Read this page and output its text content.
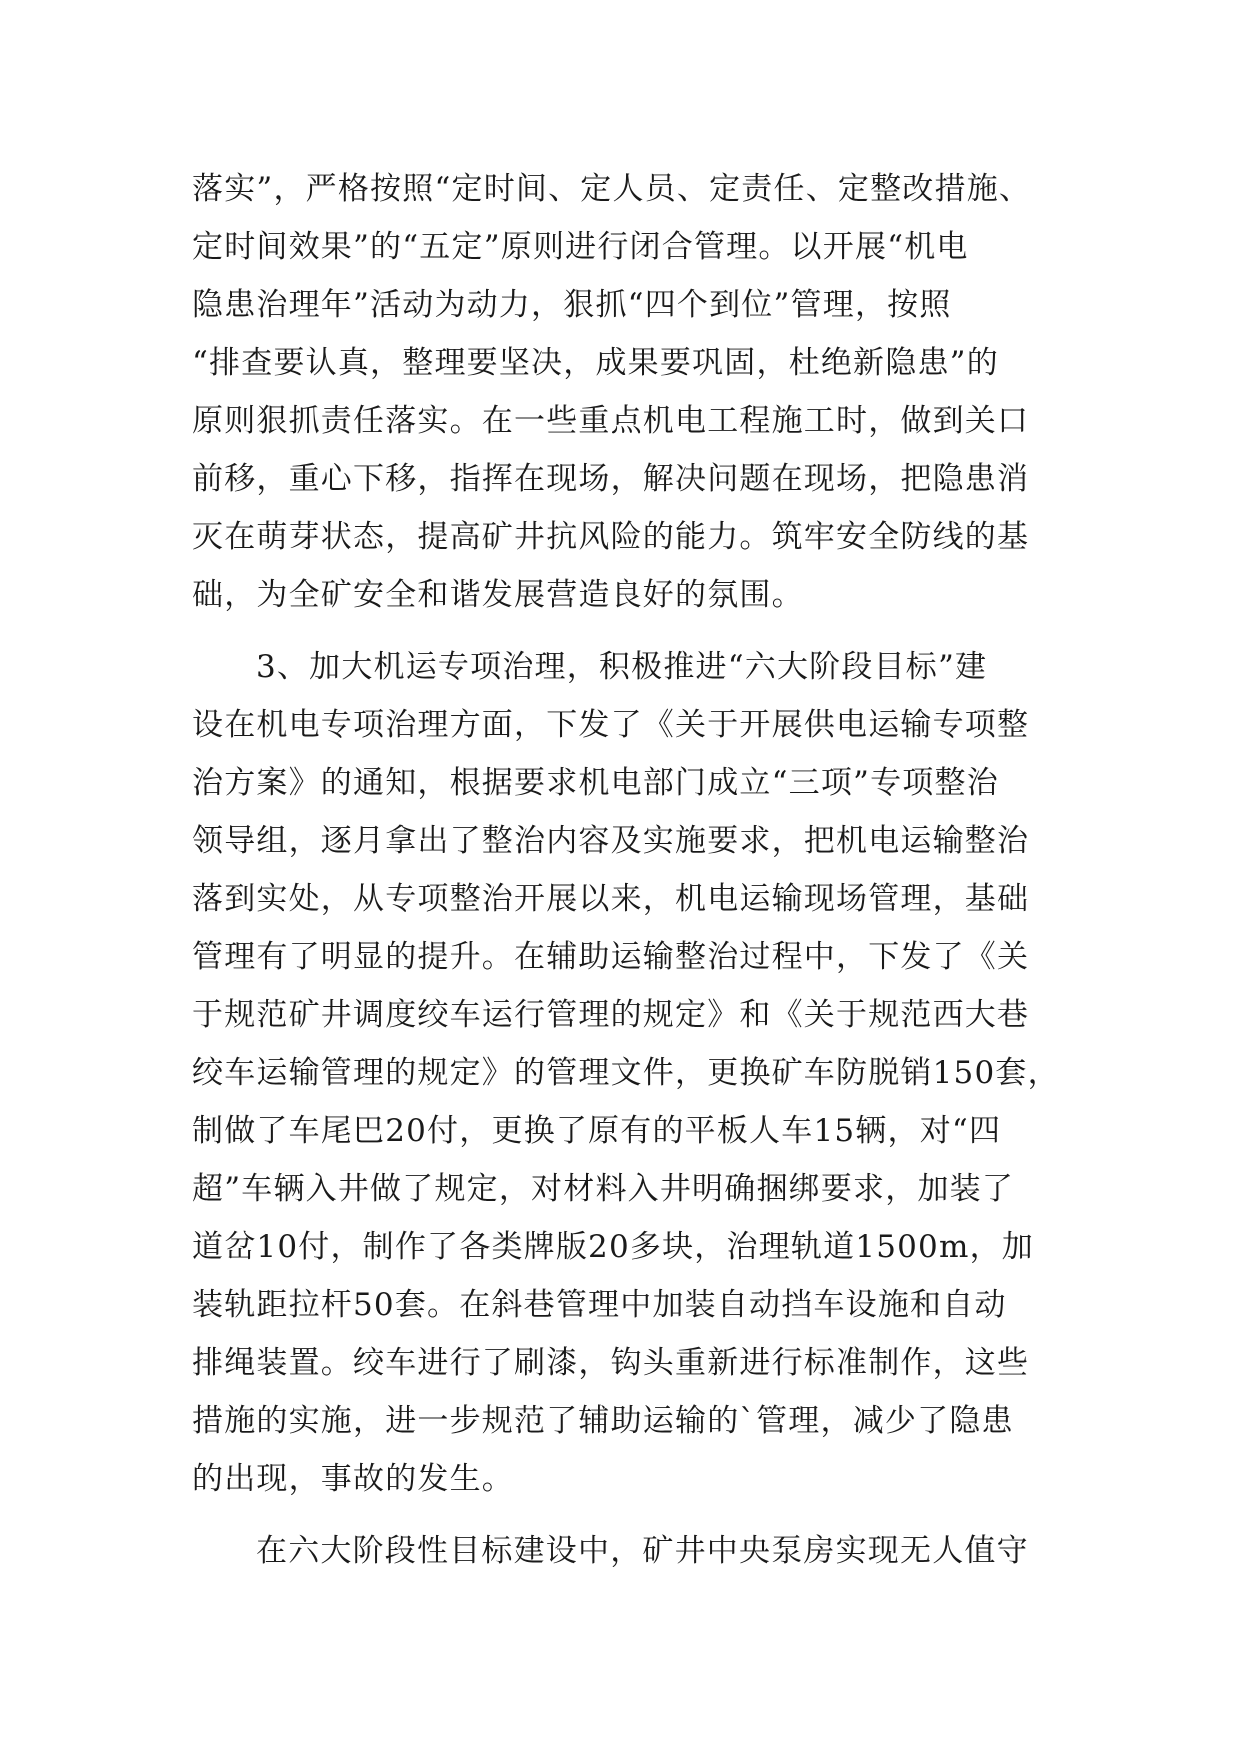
落实”，严格按照“定时间、定人员、定责任、定整改措施、
定时间效果”的“五定”原则进行闭合管理。以开展“机电
隐患治理年”活动为动力，狠抓“四个到位”管理，按照
“排查要认真，整理要坚决，成果要巩固，杜绝新隐患”的
原则狠抓责任落实。在一些重点机电工程施工时，做到关口
前移，重心下移，指挥在现场，解决问题在现场，把隐患消
灭在萌芽状态，提高矿井抗风险的能力。筑牢安全防线的基
础，为全矿安全和谐发展营造良好的氛围。
3、加大机运专项治理，积极推进“六大阶段目标”建
设在机电专项治理方面，下发了《关于开展供电运输专项整
治方案》的通知，根据要求机电部门成立“三项”专项整治
领导组，逐月拿出了整治内容及实施要求，把机电运输整治
落到实处，从专项整治开展以来，机电运输现场管理，基础
管理有了明显的提升。在辅助运输整治过程中，下发了《关
于规范矿井调度绞车运行管理的规定》和《关于规范西大巷
绞车运输管理的规定》的管理文件，更换矿车防脱销150套，
制做了车尾巴20付，更换了原有的平板人车15辆，对“四
超”车辆入井做了规定，对材料入井明确捆绑要求，加装了
道岔10付，制作了各类牌版20多块，治理轨道1500m，加
装轨距拉杆50套。在斜巷管理中加装自动挡车设施和自动
排绳装置。绞车进行了刷漆，钩头重新进行标准制作，这些
措施的实施，进一步规范了辅助运输的`管理，减少了隐患
的出现，事故的发生。
在六大阶段性目标建设中，矿井中央泵房实现无人值守
